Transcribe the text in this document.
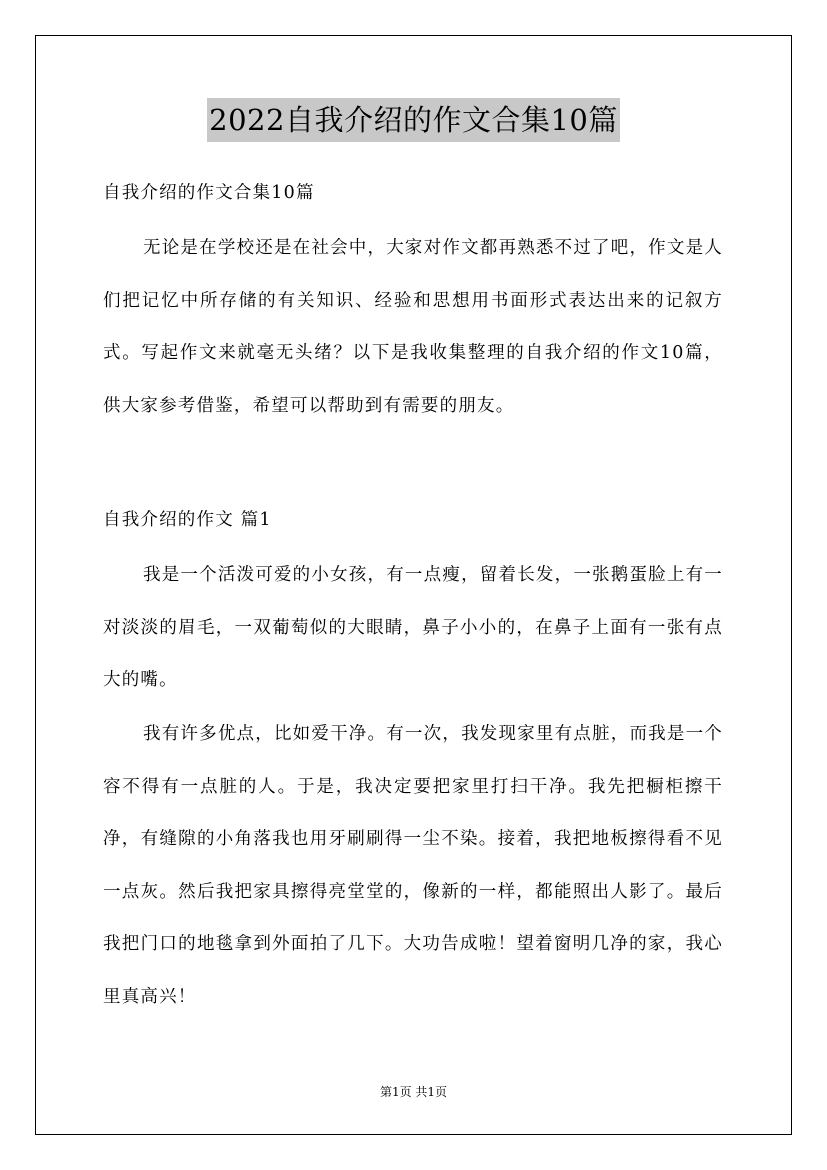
2022自我介绍的作文合集10篇
自我介绍的作文合集10篇
无论是在学校还是在社会中，大家对作文都再熟悉不过了吧，作文是人们把记忆中所存储的有关知识、经验和思想用书面形式表达出来的记叙方式。写起作文来就毫无头绪？以下是我收集整理的自我介绍的作文10篇，供大家参考借鉴，希望可以帮助到有需要的朋友。
自我介绍的作文 篇1
我是一个活泼可爱的小女孩，有一点瘦，留着长发，一张鹅蛋脸上有一对淡淡的眉毛，一双葡萄似的大眼睛，鼻子小小的，在鼻子上面有一张有点大的嘴。
我有许多优点，比如爱干净。有一次，我发现家里有点脏，而我是一个容不得有一点脏的人。于是，我决定要把家里打扫干净。我先把橱柜擦干净，有缝隙的小角落我也用牙刷刷得一尘不染。接着，我把地板擦得看不见一点灰。然后我把家具擦得亮堂堂的，像新的一样，都能照出人影了。最后我把门口的地毯拿到外面拍了几下。大功告成啦！望着窗明几净的家，我心里真高兴！
第1页 共1页
